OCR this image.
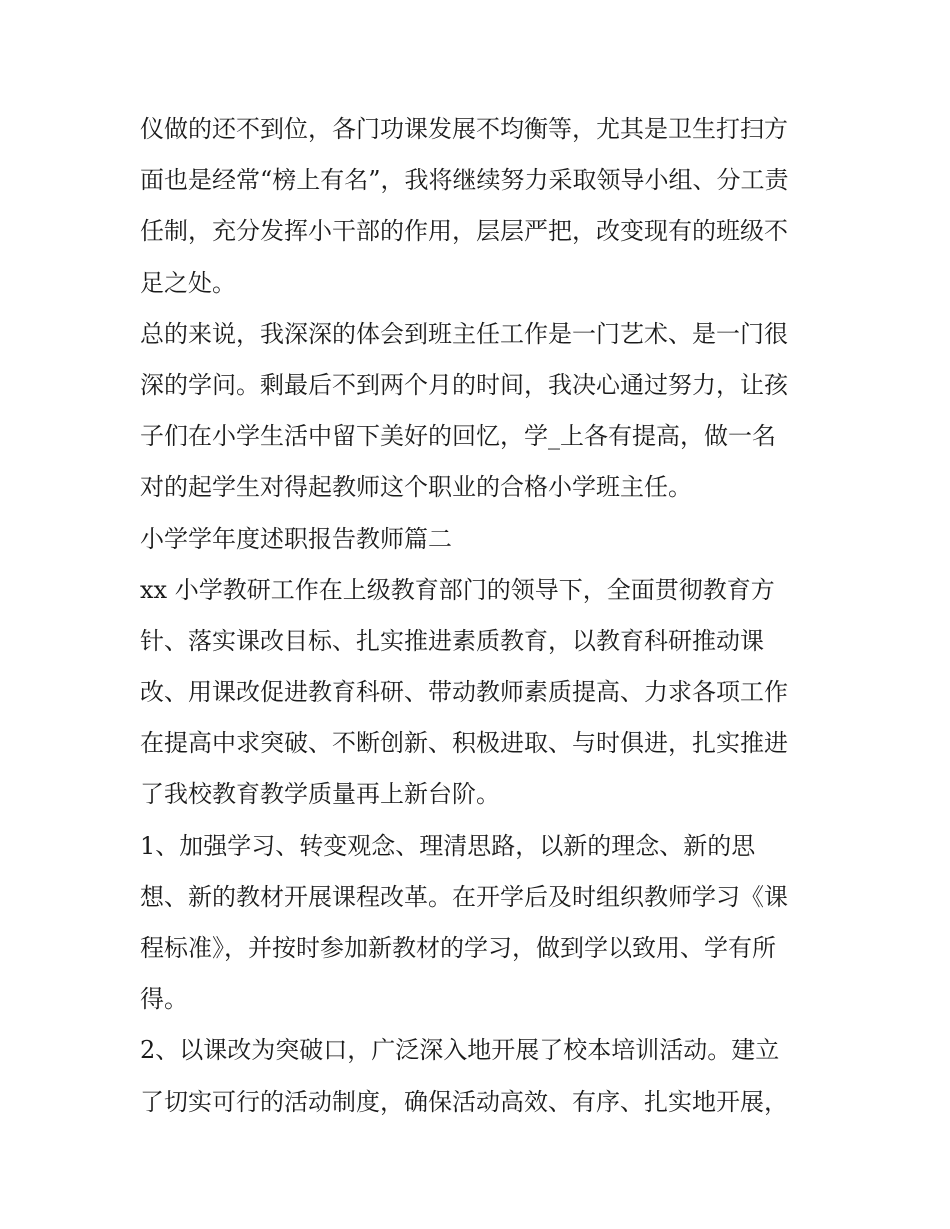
仪做的还不到位，各门功课发展不均衡等，尤其是卫生打扫方
面也是经常“榜上有名”，我将继续努力采取领导小组、分工责
任制，充分发挥小干部的作用，层层严把，改变现有的班级不
足之处。
总的来说，我深深的体会到班主任工作是一门艺术、是一门很
深的学问。剩最后不到两个月的时间，我决心通过努力，让孩
子们在小学生活中留下美好的回忆，学_上各有提高，做一名
对的起学生对得起教师这个职业的合格小学班主任。
小学学年度述职报告教师篇二
xx 小学教研工作在上级教育部门的领导下，全面贯彻教育方
针、落实课改目标、扎实推进素质教育，以教育科研推动课
改、用课改促进教育科研、带动教师素质提高、力求各项工作
在提高中求突破、不断创新、积极进取、与时俱进，扎实推进
了我校教育教学质量再上新台阶。
1、加强学习、转变观念、理清思路，以新的理念、新的思
想、新的教材开展课程改革。在开学后及时组织教师学习《课
程标准》，并按时参加新教材的学习，做到学以致用、学有所
得。
2、以课改为突破口，广泛深入地开展了校本培训活动。建立
了切实可行的活动制度，确保活动高效、有序、扎实地开展，
